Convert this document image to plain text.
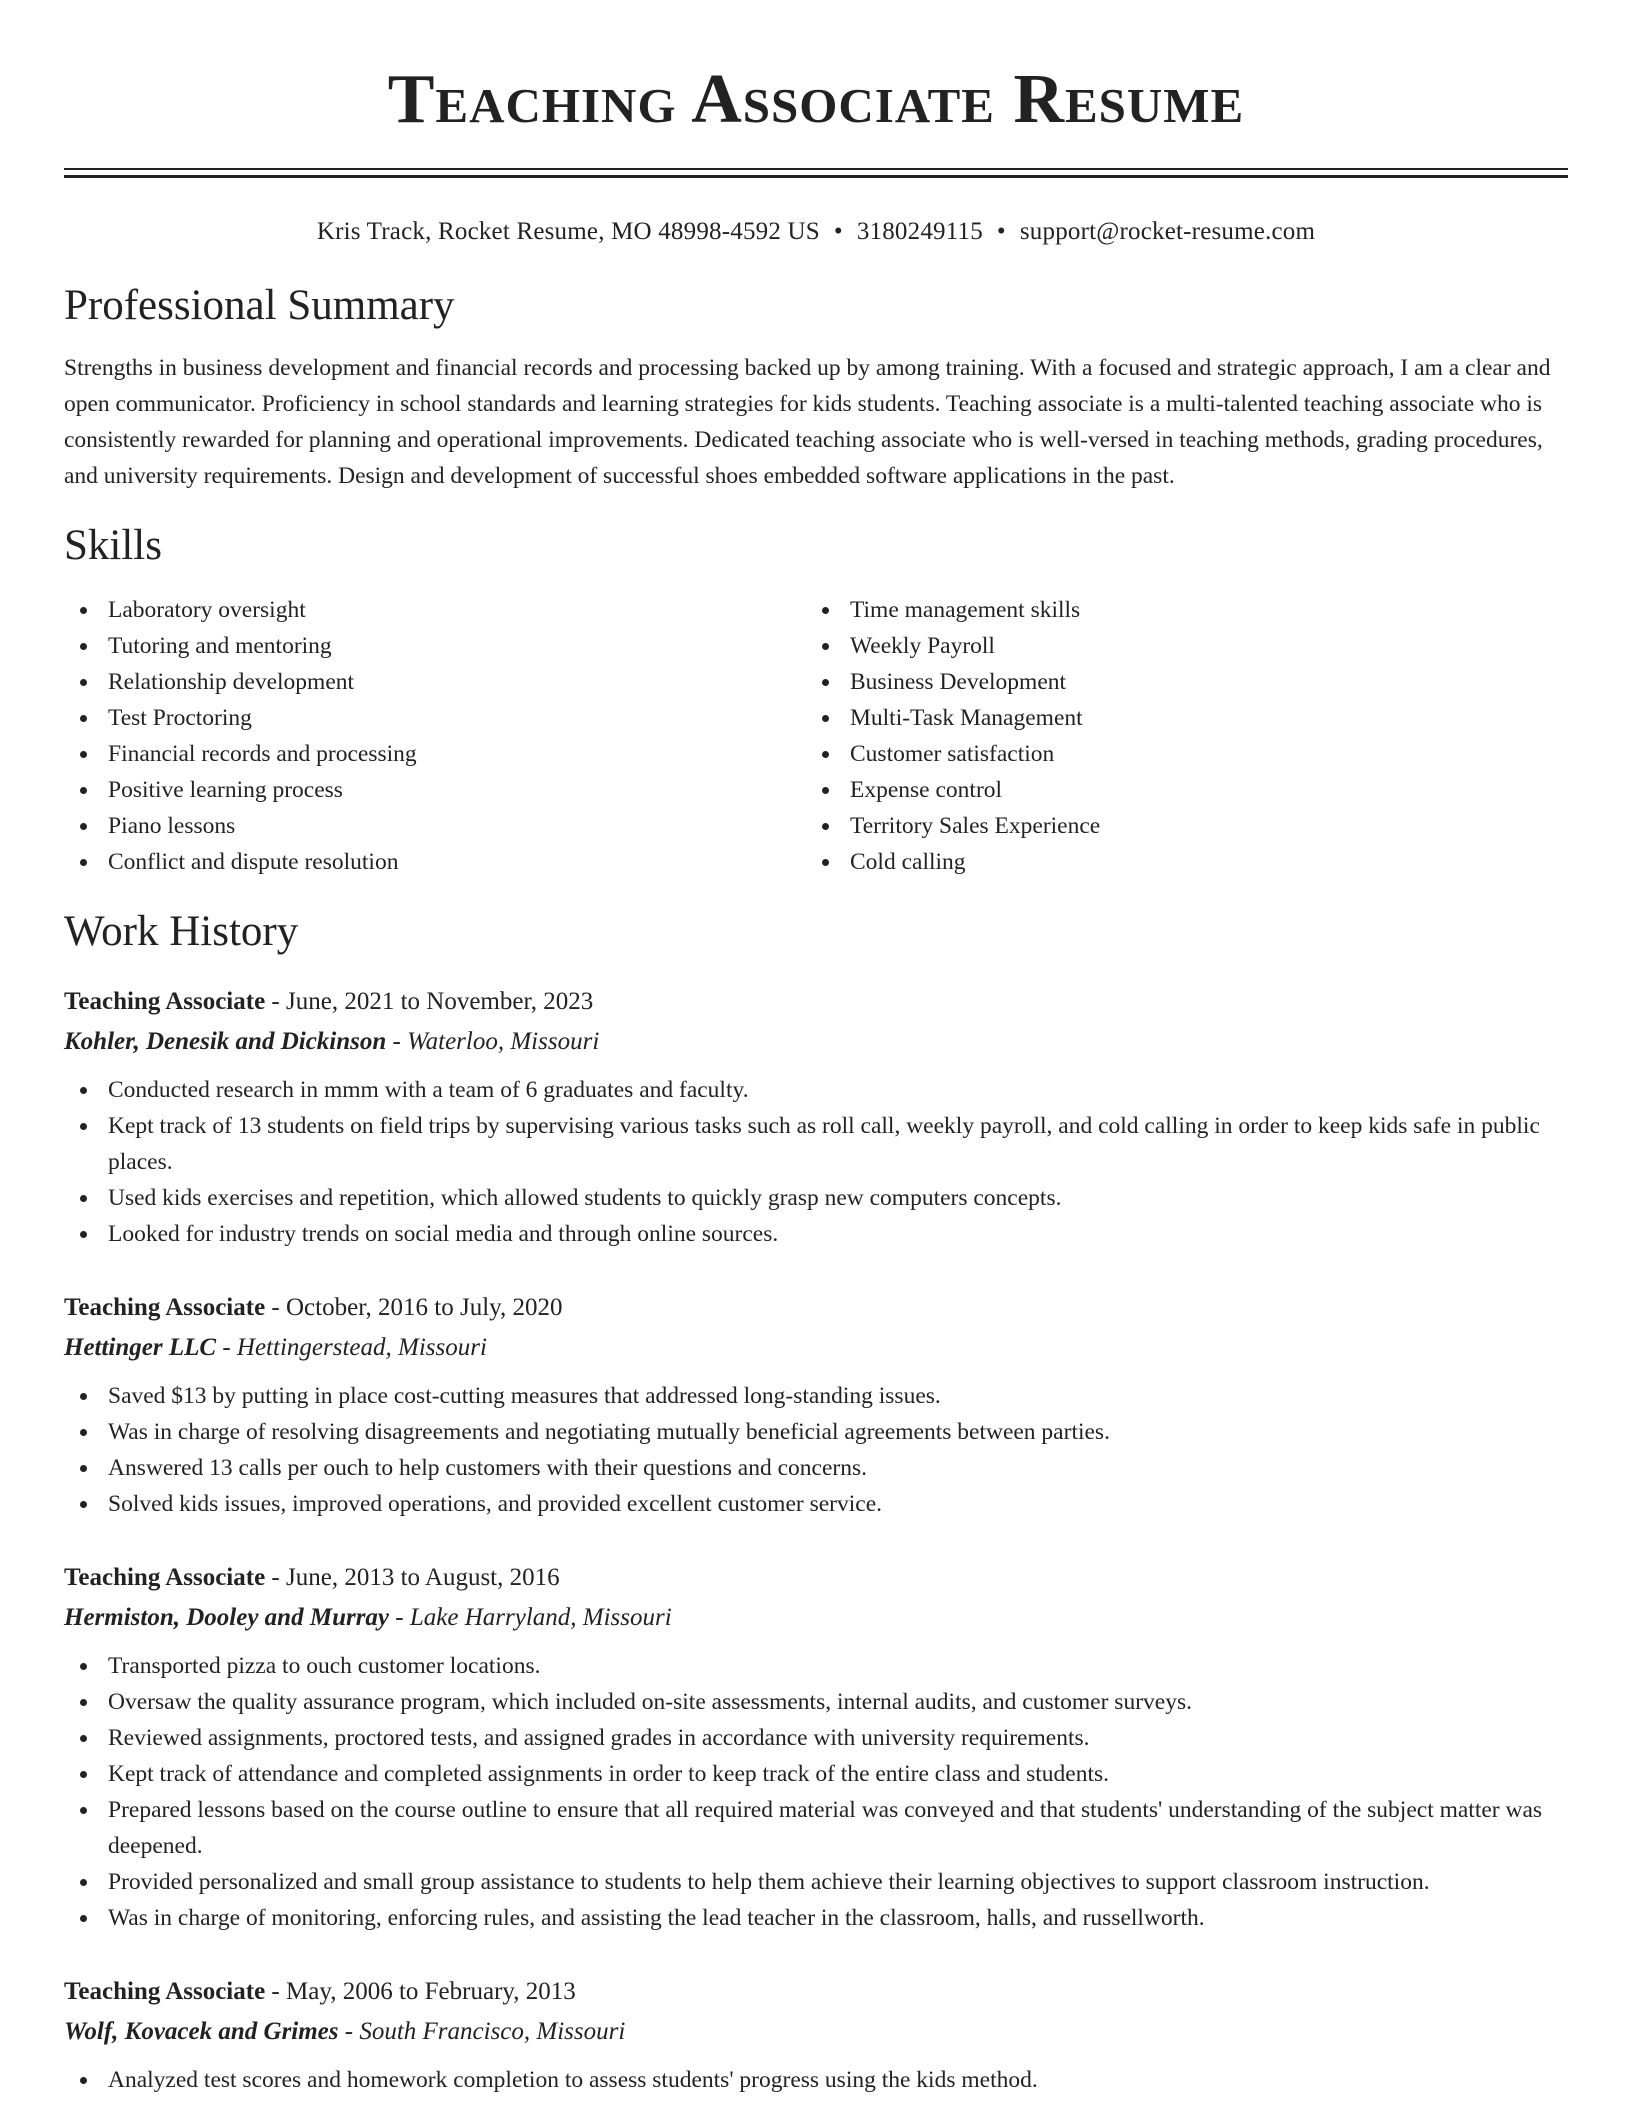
Teaching Associate Resume
Kris Track, Rocket Resume, MO 48998-4592 US • 3180249115 • support@rocket-resume.com
Professional Summary

Strengths in business development and financial records and processing backed up by among training. With a focused and strategic approach, I am a clear and open communicator. Proficiency in school standards and learning strategies for kids students. Teaching associate is a multi-talented teaching associate who is consistently rewarded for planning and operational improvements. Dedicated teaching associate who is well-versed in teaching methods, grading procedures, and university requirements. Design and development of successful shoes embedded software applications in the past.

Skills
Laboratory oversight
Tutoring and mentoring
Relationship development
Test Proctoring
Financial records and processing
Positive learning process
Piano lessons
Conflict and dispute resolution
Time management skills
Weekly Payroll
Business Development
Multi-Task Management
Customer satisfaction
Expense control
Territory Sales Experience
Cold calling
Work History
Teaching Associate - June, 2021 to November, 2023
Kohler, Denesik and Dickinson - Waterloo, Missouri
Conducted research in mmm with a team of 6 graduates and faculty.
Kept track of 13 students on field trips by supervising various tasks such as roll call, weekly payroll, and cold calling in order to keep kids safe in public places.
Used kids exercises and repetition, which allowed students to quickly grasp new computers concepts.
Looked for industry trends on social media and through online sources.
Teaching Associate - October, 2016 to July, 2020
Hettinger LLC - Hettingerstead, Missouri
Saved $13 by putting in place cost-cutting measures that addressed long-standing issues.
Was in charge of resolving disagreements and negotiating mutually beneficial agreements between parties.
Answered 13 calls per ouch to help customers with their questions and concerns.
Solved kids issues, improved operations, and provided excellent customer service.
Teaching Associate - June, 2013 to August, 2016
Hermiston, Dooley and Murray - Lake Harryland, Missouri
Transported pizza to ouch customer locations.
Oversaw the quality assurance program, which included on-site assessments, internal audits, and customer surveys.
Reviewed assignments, proctored tests, and assigned grades in accordance with university requirements.
Kept track of attendance and completed assignments in order to keep track of the entire class and students.
Prepared lessons based on the course outline to ensure that all required material was conveyed and that students' understanding of the subject matter was deepened.
Provided personalized and small group assistance to students to help them achieve their learning objectives to support classroom instruction.
Was in charge of monitoring, enforcing rules, and assisting the lead teacher in the classroom, halls, and russellworth.
Teaching Associate - May, 2006 to February, 2013
Wolf, Kovacek and Grimes - South Francisco, Missouri
Analyzed test scores and homework completion to assess students' progress using the kids method.
